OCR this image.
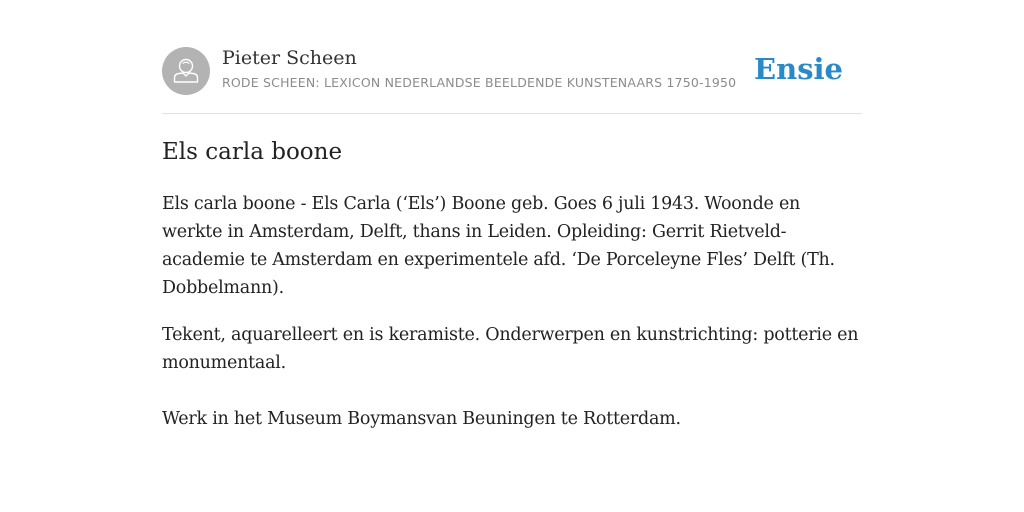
Pieter Scheen
RODE SCHEEN: LEXICON NEDERLANDSE BEELDENDE KUNSTENAARS 1750-1950 Ensie
Els carla boone

Els carla boone - Els Carla (‘Els’) Boone geb. Goes 6 juli 1943. Woonde en werkte in Amsterdam, Delft, thans in Leiden. Opleiding: Gerrit Rietveld-academie te Amsterdam en experimentele afd. ‘De Porceleyne Fles’ Delft (Th. Dobbelmann).

Tekent, aquarelleert en is keramiste. Onderwerpen en kunstrichting: potterie en monumentaal.

Werk in het Museum Boymansvan Beuningen te Rotterdam.
